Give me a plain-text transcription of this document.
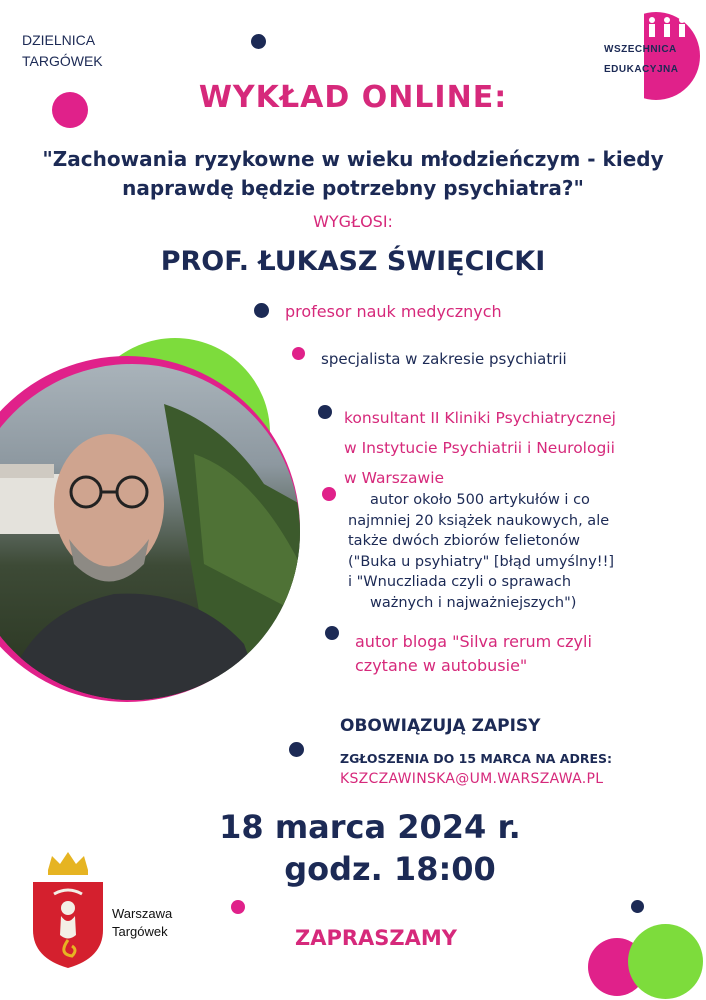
DZIELNICA
TARGÓWEK
WSZECHNICA
EDUKACYJNA
WYKŁAD ONLINE:
"Zachowania ryzykowne w wieku młodzieńczym - kiedy
naprawdę będzie potrzebny psychiatra?"
WYGŁOSI:
PROF. ŁUKASZ ŚWIĘCICKI
profesor nauk medycznych
specjalista w zakresie psychiatrii
konsultant II Kliniki Psychiatrycznej
w Instytucie Psychiatrii i Neurologii
w Warszawie
autor około 500 artykułów i co
najmniej 20 książek naukowych, ale
także dwóch zbiorów felietonów
("Buka u psyhiatry" [błąd umyślny!!]
i "Wnuczliada czyli o sprawach
ważnych i najważniejszych")
autor bloga "Silva rerum czyli
czytane w autobusie"
OBOWIĄZUJĄ ZAPISY
ZGŁOSZENIA DO 15 MARCA NA ADRES:
KSZCZAWINSKA@UM.WARSZAWA.PL
18 marca 2024 r.
godz. 18:00
Warszawa
Targówek	ZAPRASZAMY
